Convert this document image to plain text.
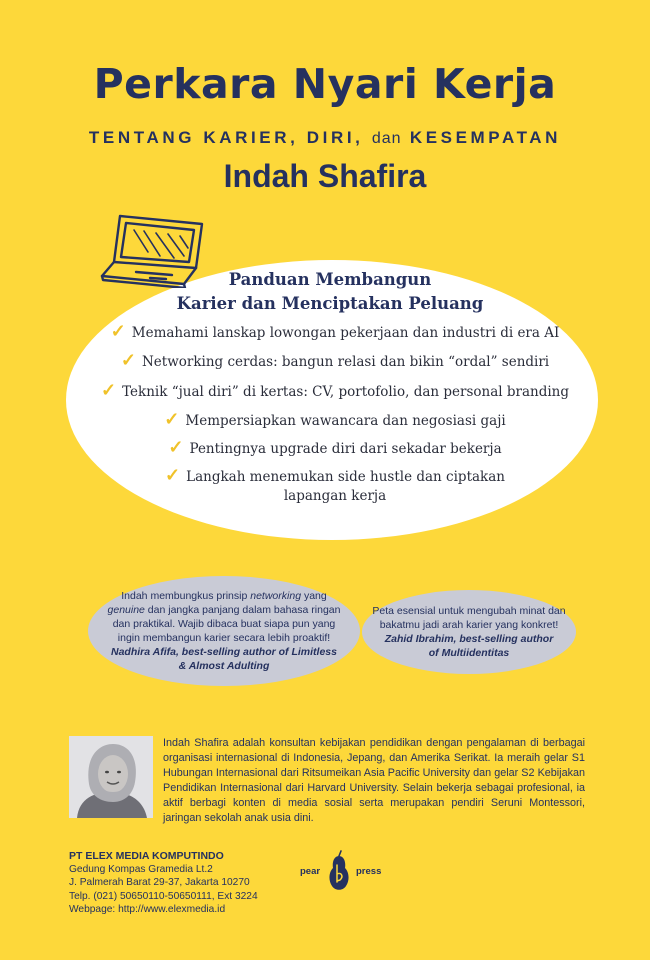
Perkara Nyari Kerja
TENTANG KARIER, DIRI, dan KESEMPATAN
Indah Shafira
Panduan Membangun
Karier dan Menciptakan Peluang
✓ Memahami lanskap lowongan pekerjaan dan industri di era AI
✓ Networking cerdas: bangun relasi dan bikin “ordal” sendiri
✓ Teknik “jual diri” di kertas: CV, portofolio, dan personal branding
✓ Mempersiapkan wawancara dan negosiasi gaji
✓ Pentingnya upgrade diri dari sekadar bekerja
✓ Langkah menemukan side hustle dan ciptakan
lapangan kerja
Indah membungkus prinsip networking yang
genuine dan jangka panjang dalam bahasa ringan
dan praktikal. Wajib dibaca buat siapa pun yang
ingin membangun karier secara lebih proaktif!
Nadhira Afifa, best-selling author of Limitless
& Almost Adulting
Peta esensial untuk mengubah minat dan
bakatmu jadi arah karier yang konkret!
Zahid Ibrahim, best-selling author
of Multiidentitas
Indah Shafira adalah konsultan kebijakan pendidikan dengan pengalaman di berbagai organisasi internasional di Indonesia, Jepang, dan Amerika Serikat. Ia meraih gelar S1 Hubungan Internasional dari Ritsumeikan Asia Pacific University dan gelar S2 Kebijakan Pendidikan Internasional dari Harvard University. Selain bekerja sebagai profesional, ia aktif berbagi konten di media sosial serta merupakan pendiri Seruni Montessori, jaringan sekolah anak usia dini.
PT ELEX MEDIA KOMPUTINDO
Gedung Kompas Gramedia Lt.2
J. Palmerah Barat 29-37, Jakarta 10270
Telp. (021) 50650110-50650111, Ext 3224
Webpage: http://www.elexmedia.id
pear	press
